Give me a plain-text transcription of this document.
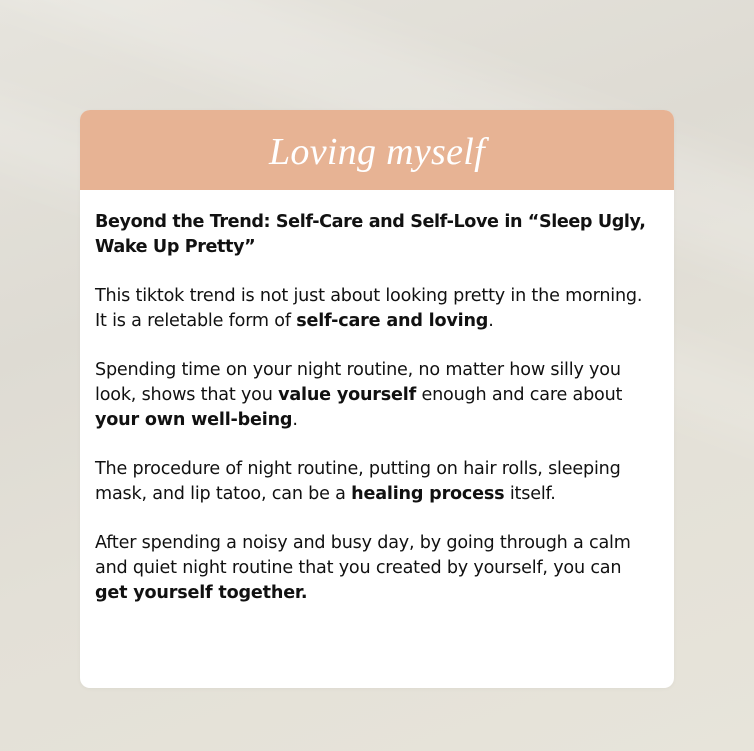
Loving myself

Beyond the Trend: Self-Care and Self-Love in “Sleep Ugly, Wake Up Pretty”

This tiktok trend is not just about looking pretty in the morning.
It is a reletable form of self-care and loving.

Spending time on your night routine, no matter how silly you look, shows that you value yourself enough and care about your own well-being.

The procedure of night routine, putting on hair rolls, sleeping mask, and lip tatoo, can be a healing process itself.

After spending a noisy and busy day, by going through a calm and quiet night routine that you created by yourself, you can get yourself together.
